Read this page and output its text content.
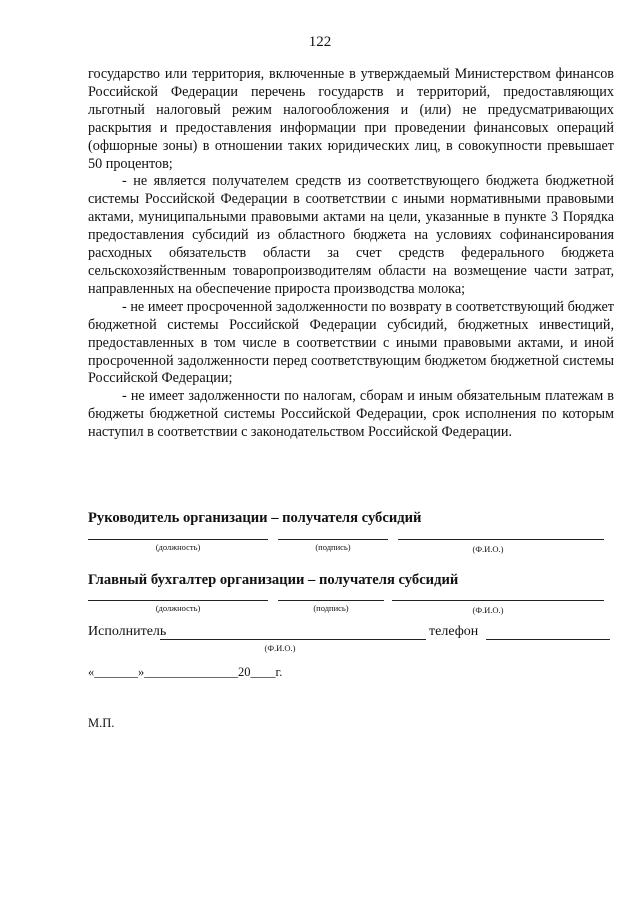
122

государство или территория, включенные в утверждаемый Министерством финансов Российской Федерации перечень государств и территорий, предоставляющих льготный налоговый режим налогообложения и (или) не предусматривающих раскрытия и предоставления информации при проведении финансовых операций (офшорные зоны) в отношении таких юридических лиц, в совокупности превышает 50 процентов;

- не является получателем средств из соответствующего бюджета бюджетной системы Российской Федерации в соответствии с иными нормативными правовыми актами, муниципальными правовыми актами на цели, указанные в пункте 3 Порядка предоставления субсидий из областного бюджета на условиях софинансирования расходных обязательств области за счет средств федерального бюджета сельскохозяйственным товаропроизводителям области на возмещение части затрат, направленных на обеспечение прироста производства молока;

- не имеет просроченной задолженности по возврату в соответствующий бюджет бюджетной системы Российской Федерации субсидий, бюджетных инвестиций, предоставленных в том числе в соответствии с иными правовыми актами, и иной просроченной задолженности перед соответствующим бюджетом бюджетной системы Российской Федерации;

- не имеет задолженности по налогам, сборам и иным обязательным платежам в бюджеты бюджетной системы Российской Федерации, срок исполнения по которым наступил в соответствии с законодательством Российской Федерации.

Руководитель организации – получателя субсидий
(должность)	(подпись)	(Ф.И.О.)
Главный бухгалтер организации – получателя субсидий
(должность)	(подпись)	(Ф.И.О.)
Исполнитель	телефон
(Ф.И.О.)
«_______»_______________20____г.
М.П.
